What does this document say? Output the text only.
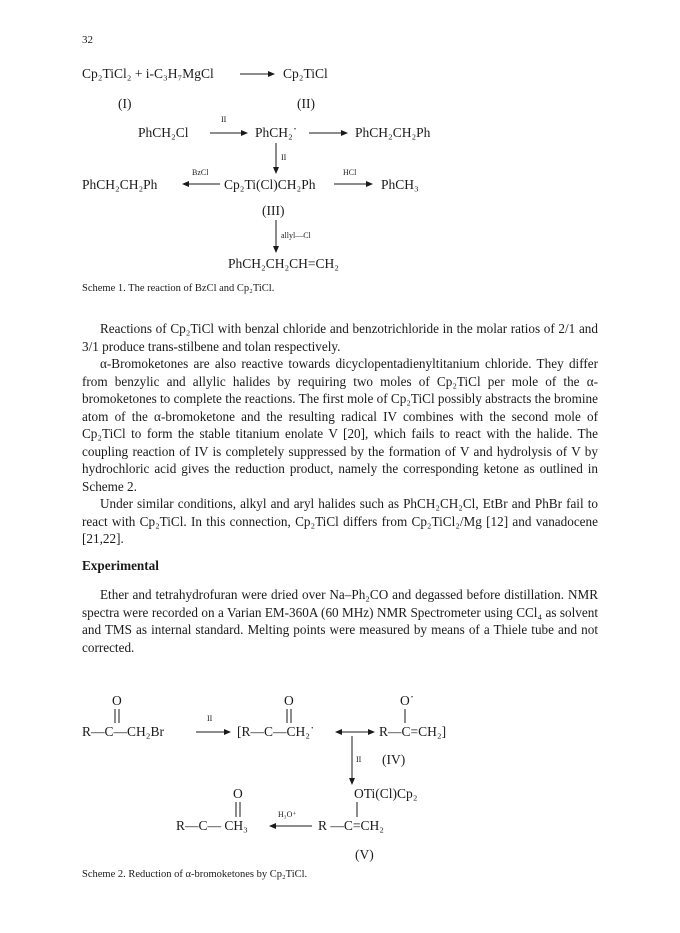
32
Cp₂TiCl₂ + i-C₃H₇MgCl	Cp₂TiCl
(I)	(II)
PhCH₂Cl
II
PhCH₂˙	PhCH₂CH₂Ph
II
PhCH₂CH₂Ph
BzCl
Cp₂Ti(Cl)CH₂Ph
HCl
PhCH₃
(III)
allyl—Cl
PhCH₂CH₂CH=CH₂
Scheme 1. The reaction of BzCl and Cp₂TiCl.

Reactions of Cp₂TiCl with benzal chloride and benzotrichloride in the molar ratios of 2/1 and 3/1 produce trans-stilbene and tolan respectively.

α-Bromoketones are also reactive towards dicyclopentadienyltitanium chloride. They differ from benzylic and allylic halides by requiring two moles of Cp₂TiCl per mole of the α-bromoketones to complete the reactions. The first mole of Cp₂TiCl possibly abstracts the bromine atom of the α-bromoketone and the resulting radical IV combines with the second mole of Cp₂TiCl to form the stable titanium enolate V [20], which fails to react with the halide. The coupling reaction of IV is completely suppressed by the formation of V and hydrolysis of V by hydrochloric acid gives the reduction product, namely the corresponding ketone as outlined in Scheme 2.

Under similar conditions, alkyl and aryl halides such as PhCH₂CH₂Cl, EtBr and PhBr fail to react with Cp₂TiCl. In this connection, Cp₂TiCl differs from Cp₂TiCl₂/Mg [12] and vanadocene [21,22].

Experimental

Ether and tetrahydrofuran were dried over Na–Ph₂CO and degassed before distillation. NMR spectra were recorded on a Varian EM-360A (60 MHz) NMR Spectrometer using CCl₄ as solvent and TMS as internal standard. Melting points were measured by means of a Thiele tube and not corrected.

O	O	O˙
R—C—CH₂Br
II
[R—C—CH₂˙	R—C=CH₂]
II (IV)
O	OTi(Cl)Cp₂
R—C— CH₃
H₃O⁺
R —C=CH₂
(V)
Scheme 2. Reduction of α-bromoketones by Cp₂TiCl.
